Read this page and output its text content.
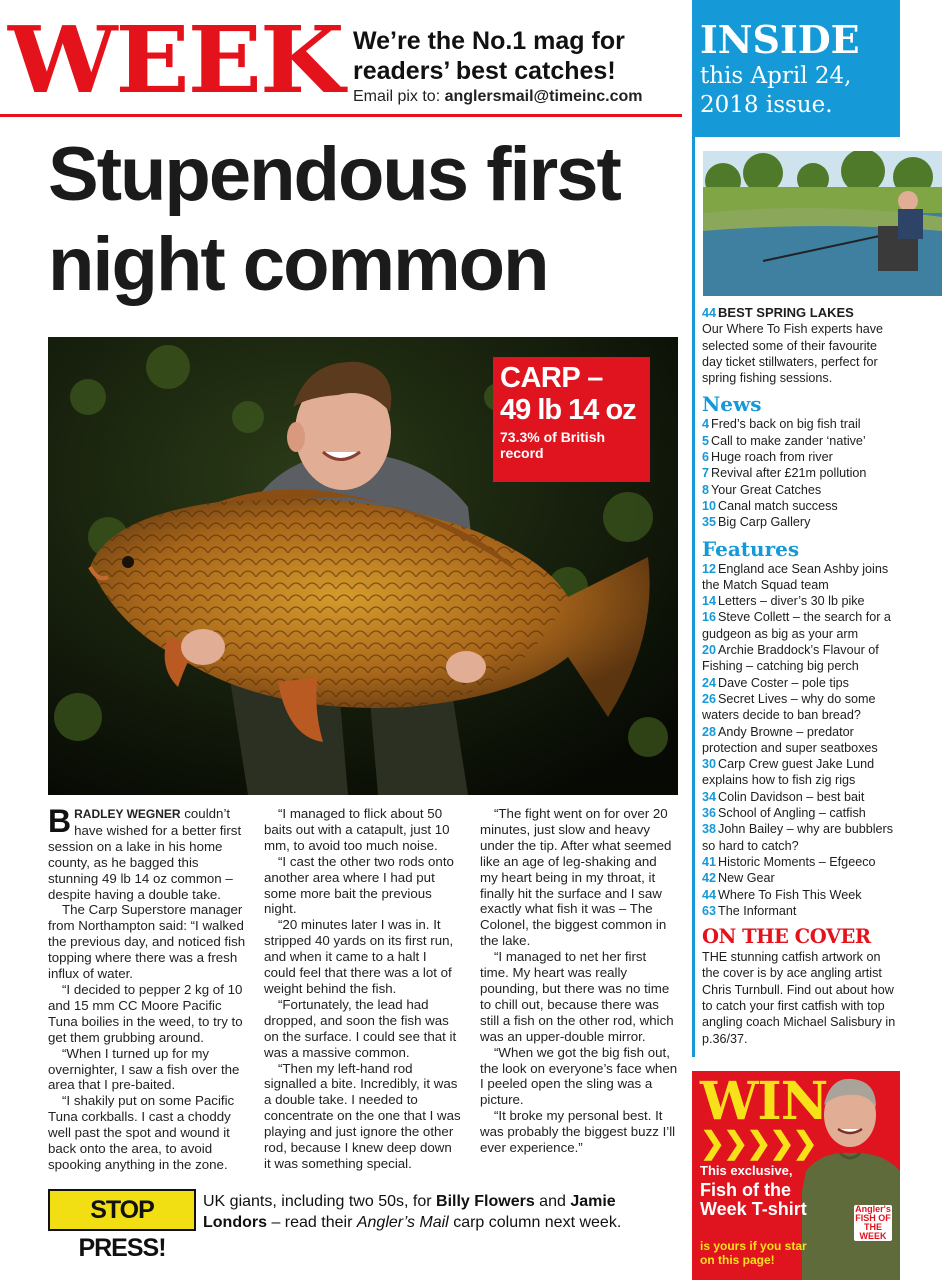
WEEK We’re the No.1 mag for readers’ best catches!
Email pix to: anglersmail@timeinc.com
Stupendous first night common
CARP –
49 lb 14 oz
73.3% of British record

BRADLEY WEGNER couldn’t have wished for a better first session on a lake in his home county, as he bagged this stunning 49 lb 14 oz common – despite having a double take.

The Carp Superstore manager from Northampton said: “I walked the previous day, and noticed fish topping where there was a fresh influx of water.

“I decided to pepper 2 kg of 10 and 15 mm CC Moore Pacific Tuna boilies in the weed, to try to get them grubbing around.

“When I turned up for my overnighter, I saw a fish over the area that I pre-baited.

“I shakily put on some Pacific Tuna corkballs. I cast a choddy well past the spot and wound it back onto the area, to avoid spooking anything in the zone.

“I managed to flick about 50 baits out with a catapult, just 10 mm, to avoid too much noise.

“I cast the other two rods onto another area where I had put some more bait the previous night.

“20 minutes later I was in. It stripped 40 yards on its first run, and when it came to a halt I could feel that there was a lot of weight behind the fish.

“Fortunately, the lead had dropped, and soon the fish was on the surface. I could see that it was a massive common.

“Then my left-hand rod signalled a bite. Incredibly, it was a double take. I needed to concentrate on the one that I was playing and just ignore the other rod, because I knew deep down it was something special.

“The fight went on for over 20 minutes, just slow and heavy under the tip. After what seemed like an age of leg-shaking and my heart being in my throat, it finally hit the surface and I saw exactly what fish it was – The Colonel, the biggest common in the lake.

“I managed to net her first time. My heart was really pounding, but there was no time to chill out, because there was still a fish on the other rod, which was an upper-double mirror.

“When we got the big fish out, the look on everyone’s face when I peeled open the sling was a picture.

“It broke my personal best. It was probably the biggest buzz I’ll ever experience.”

STOP PRESS!
UK giants, including two 50s, for Billy Flowers and Jamie Londors – read their Angler’s Mail carp column next week.
INSIDE
this April 24,
2018 issue.
44 BEST SPRING LAKES
Our Where To Fish experts have selected some of their favourite day ticket stillwaters, perfect for spring fishing sessions.
News
4 Fred’s back on big fish trail
5 Call to make zander ‘native’
6 Huge roach from river
7 Revival after £21m pollution
8 Your Great Catches
10 Canal match success
35 Big Carp Gallery
Features
12 England ace Sean Ashby joins the Match Squad team
14 Letters – diver’s 30 lb pike
16 Steve Collett – the search for a gudgeon as big as your arm
20 Archie Braddock’s Flavour of Fishing – catching big perch
24 Dave Coster – pole tips
26 Secret Lives – why do some waters decide to ban bread?
28 Andy Browne – predator protection and super seatboxes
30 Carp Crew guest Jake Lund explains how to fish zig rigs
34 Colin Davidson – best bait
36 School of Angling – catfish
38 John Bailey – why are bubblers so hard to catch?
41 Historic Moments – Efgeeco
42 New Gear
44 Where To Fish This Week
63 The Informant
ON THE COVER
THE stunning catfish artwork on the cover is by ace angling artist Chris Turnbull. Find out about how to catch your first catfish with top angling coach Michael Salisbury in p.36/37.
Angler's FISH OF THE WEEK
WIN
❯❯❯❯❯
This exclusive,
Fish of the Week T-shirt
is yours if you star on this page!
